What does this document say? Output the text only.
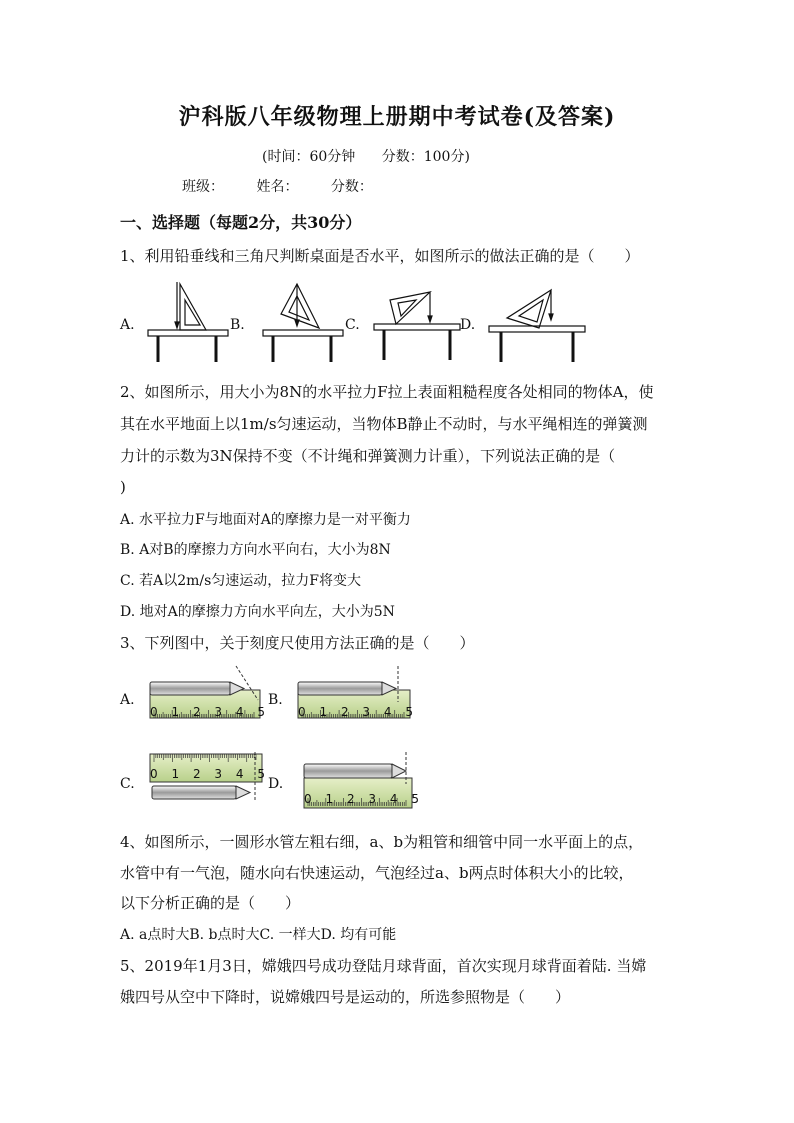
沪科版八年级物理上册期中考试卷(及答案)
(时间：60分钟 分数：100分)
班级： 姓名： 分数：
一、选择题（每题2分，共30分）
1、利用铅垂线和三角尺判断桌面是否水平，如图所示的做法正确的是（　　）
A.	B.	C.	D.
2、如图所示，用大小为8N的水平拉力F拉上表面粗糙程度各处相同的物体A，使
其在水平地面上以1m/s匀速运动，当物体B静止不动时，与水平绳相连的弹簧测
力计的示数为3N保持不变（不计绳和弹簧测力计重），下列说法正确的是（
)
A. 水平拉力F与地面对A的摩擦力是一对平衡力
B. A对B的摩擦力方向水平向右，大小为8N
C. 若A以2m/s匀速运动，拉力F将变大
D. 地对A的摩擦力方向水平向左，大小为5N
3、下列图中，关于刻度尺使用方法正确的是（　　）
A.	B.
C.	D.
0 1 2 3 4 5	0 1 2 3 4 5
0 1 2 3 4 5
0 1 2 3 4 5
4、如图所示，一圆形水管左粗右细，a、b为粗管和细管中同一水平面上的点，
水管中有一气泡，随水向右快速运动，气泡经过a、b两点时体积大小的比较，
以下分析正确的是（　　）
A. a点时大B. b点时大C. 一样大D. 均有可能
5、2019年1月3日，嫦娥四号成功登陆月球背面，首次实现月球背面着陆. 当嫦
娥四号从空中下降时，说嫦娥四号是运动的，所选参照物是（　　）
